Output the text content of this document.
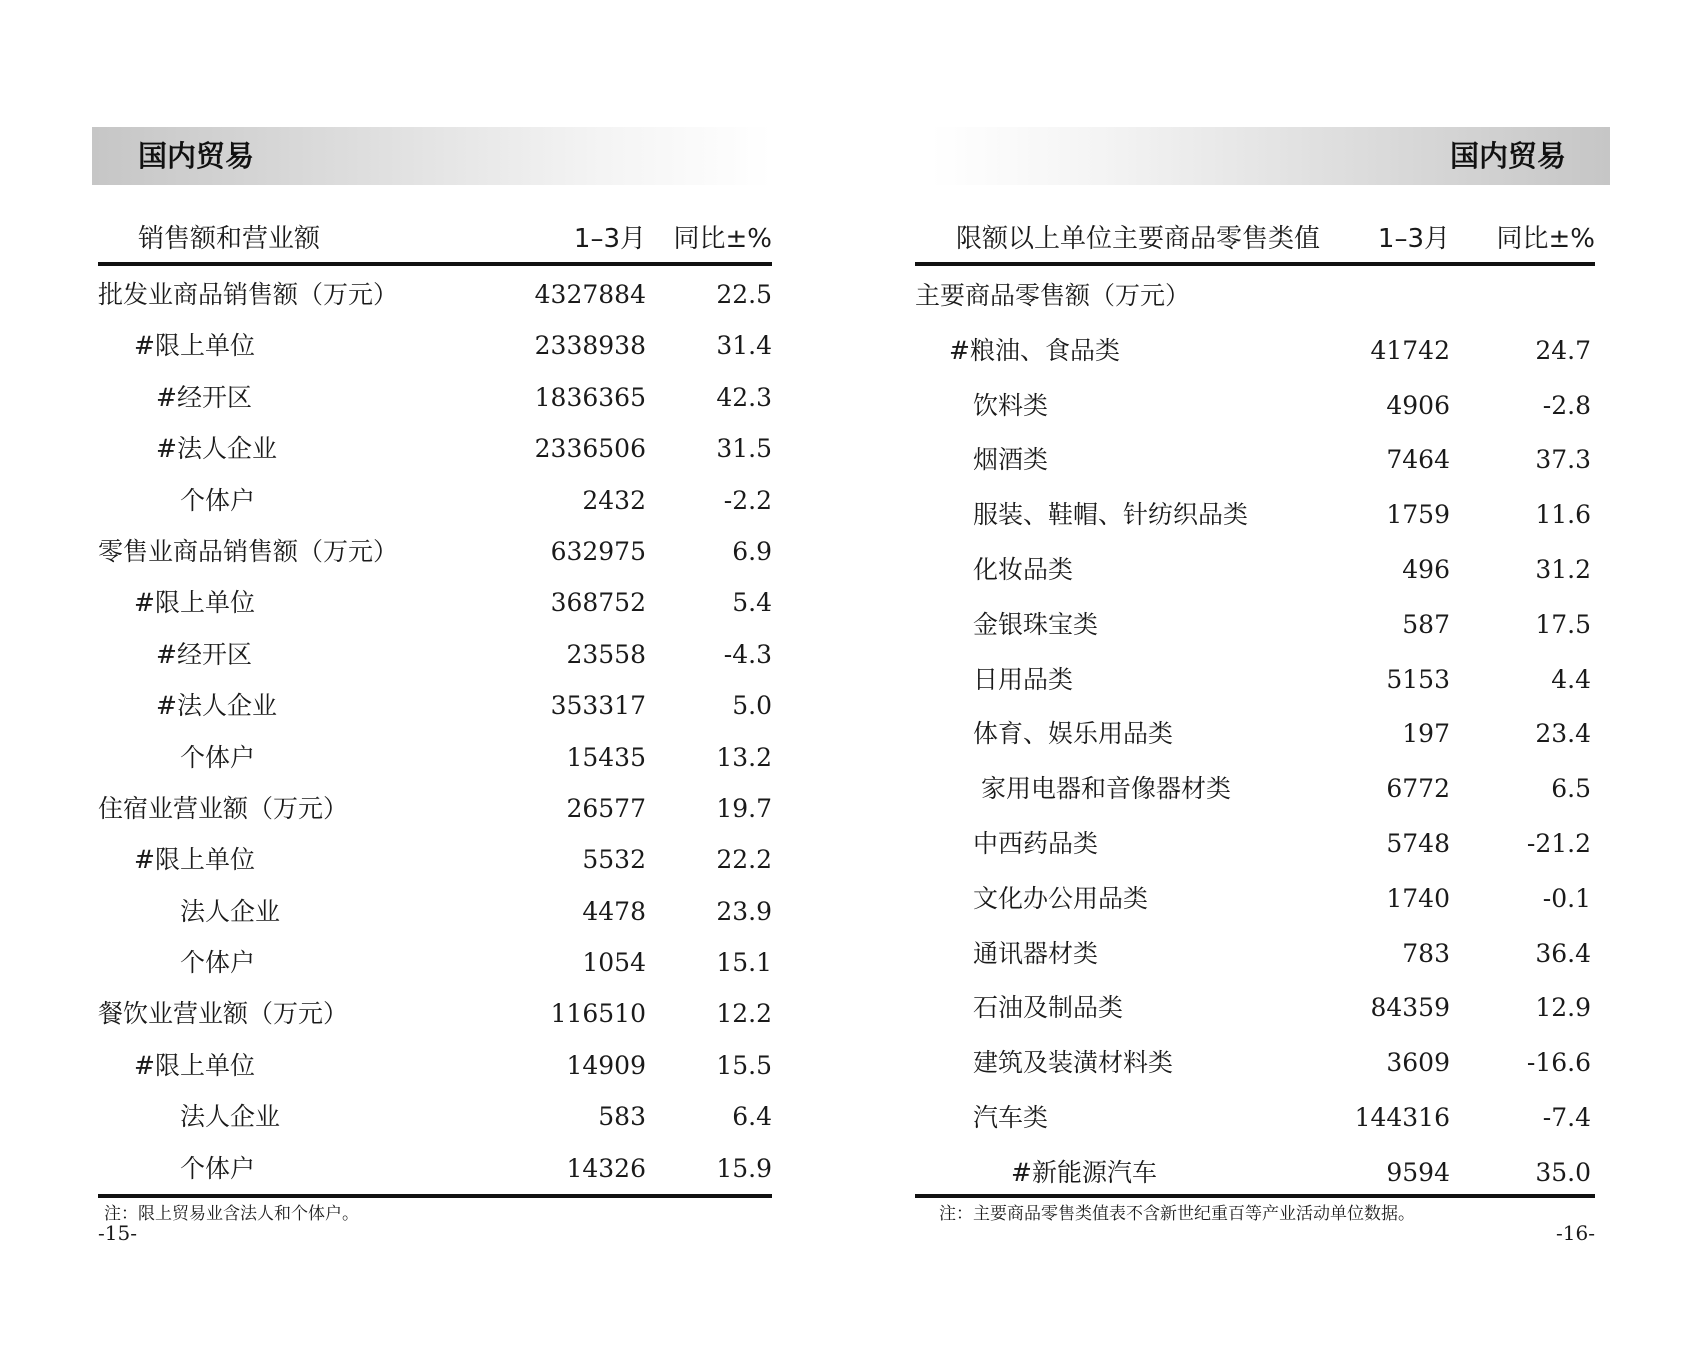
国内贸易
销售额和营业额	1–3月 同比±%
批发业商品销售额（万元）	4327884	22.5
#限上单位	2338938	31.4
#经开区	1836365	42.3
#法人企业	2336506	31.5
个体户	2432	-2.2
零售业商品销售额（万元）	632975	6.9
#限上单位	368752	5.4
#经开区	23558	-4.3
#法人企业	353317	5.0
个体户	15435	13.2
住宿业营业额（万元）	26577	19.7
#限上单位	5532	22.2
法人企业	4478	23.9
个体户	1054	15.1
餐饮业营业额（万元）	116510	12.2
#限上单位	14909	15.5
法人企业	583	6.4
个体户	14326	15.9
注：限上贸易业含法人和个体户。
-15-
国内贸易
限额以上单位主要商品零售类值 1–3月 同比±%
主要商品零售额（万元）
#粮油、食品类	41742	24.7
饮料类	4906	-2.8
烟酒类	7464	37.3
服装、鞋帽、针纺织品类	1759	11.6
化妆品类	496	31.2
金银珠宝类	587	17.5
日用品类	5153	4.4
体育、娱乐用品类	197	23.4
家用电器和音像器材类	6772	6.5
中西药品类	5748	-21.2
文化办公用品类	1740	-0.1
通讯器材类	783	36.4
石油及制品类	84359	12.9
建筑及装潢材料类	3609	-16.6
汽车类	144316	-7.4
#新能源汽车	9594	35.0
注：主要商品零售类值表不含新世纪重百等产业活动单位数据。
-16-
